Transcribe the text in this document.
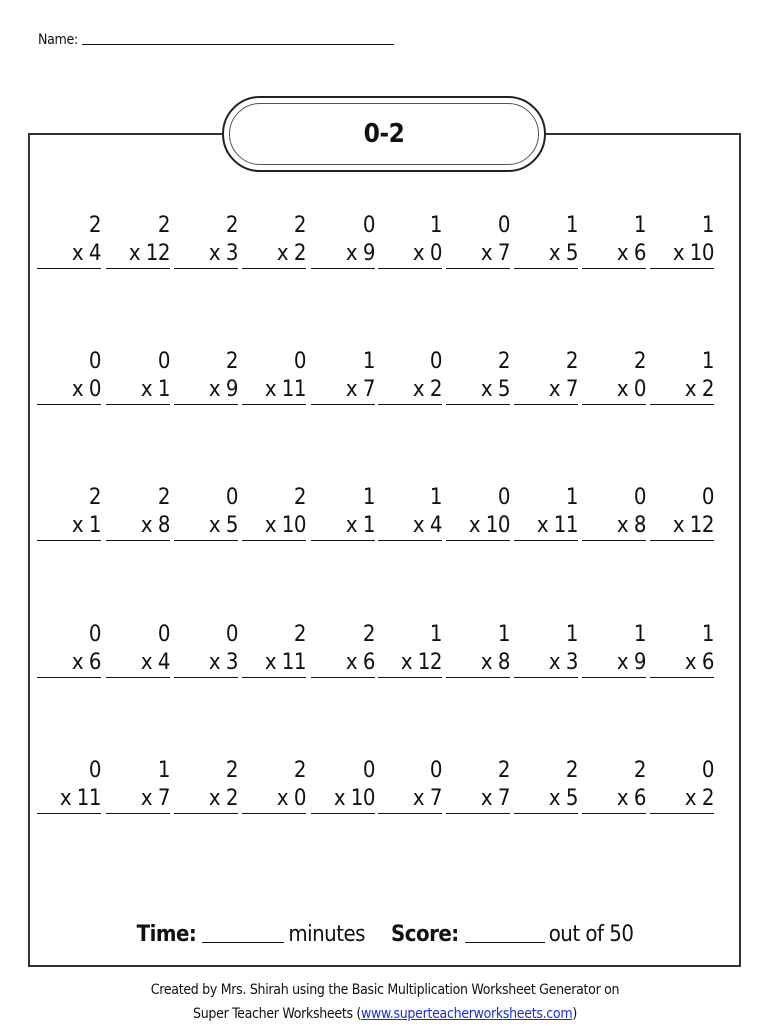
Name:
0-2
2
x 4
2
x 12
2
x 3
2
x 2
0
x 9
1
x 0
0
x 7
1
x 5
1
x 6
1
x 10
0
x 0
0
x 1
2
x 9
0
x 11
1
x 7
0
x 2
2
x 5
2
x 7
2
x 0
1
x 2
2
x 1
2
x 8
0
x 5
2
x 10
1
x 1
1
x 4
0
x 10
1
x 11
0
x 8
0
x 12
0
x 6
0
x 4
0
x 3
2
x 11
2
x 6
1
x 12
1
x 8
1
x 3
1
x 9
1
x 6
0
x 11
1
x 7
2
x 2
2
x 0
0
x 10
0
x 7
2
x 7
2
x 5
2
x 6
0
x 2
Time:	minutes Score:	out of 50
Created by Mrs. Shirah using the Basic Multiplication Worksheet Generator on
Super Teacher Worksheets (www.superteacherworksheets.com)
